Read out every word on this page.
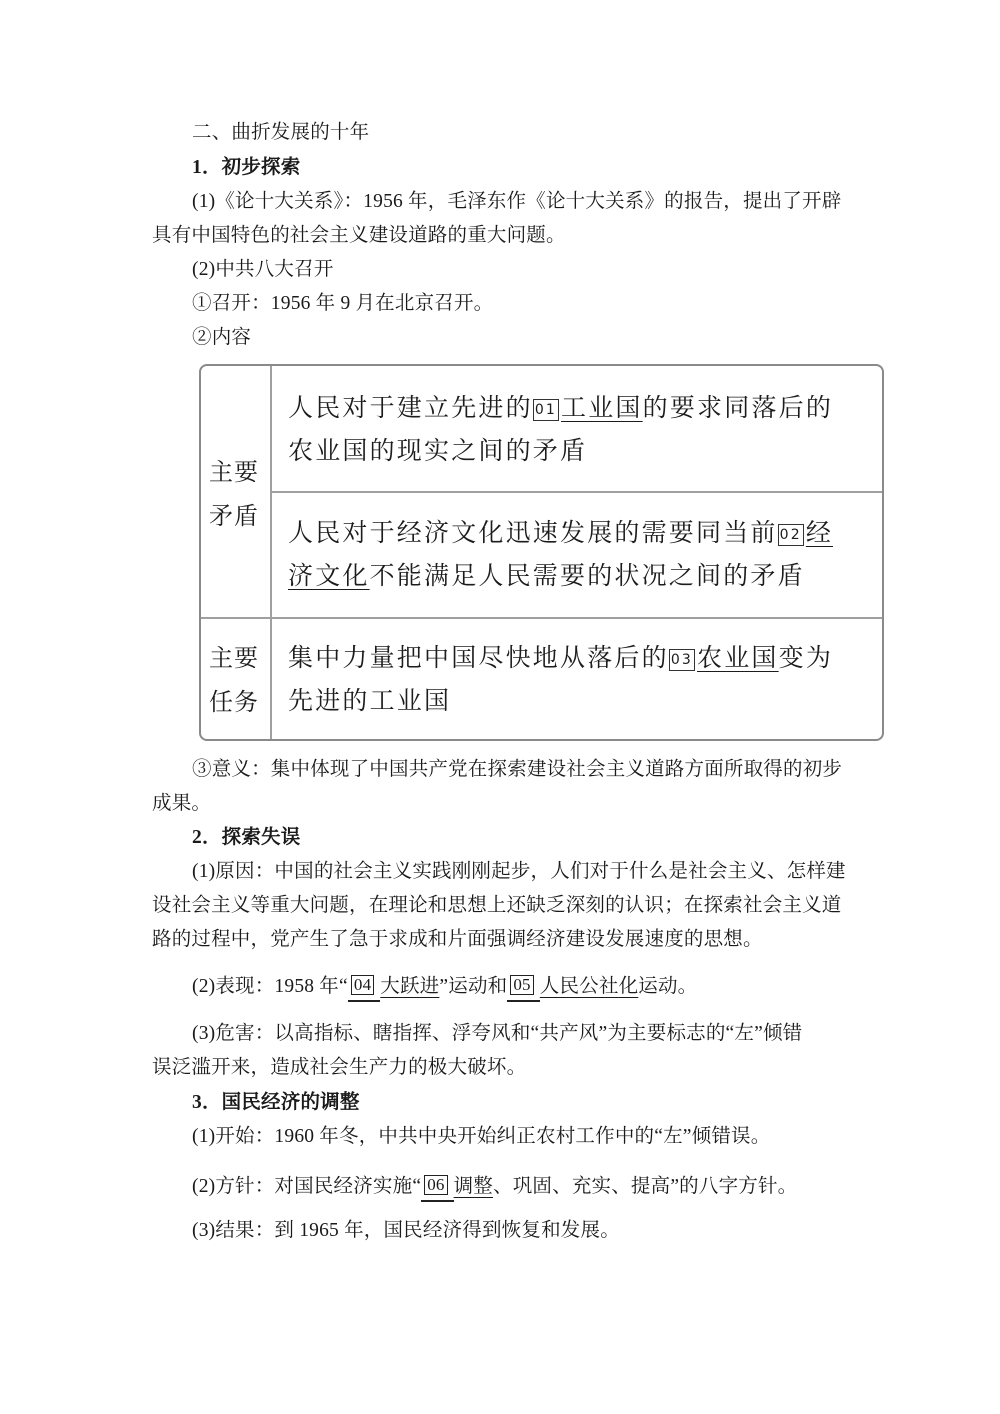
二、曲折发展的十年
1．初步探索
(1)《论十大关系》：1956 年，毛泽东作《论十大关系》的报告，提出了开辟
具有中国特色的社会主义建设道路的重大问题。
(2)中共八大召开
①召开：1956 年 9 月在北京召开。
②内容
主要
矛盾
人民对于建立先进的 01 工业国的要求同落后的
农业国的现实之间的矛盾
人民对于经济文化迅速发展的需要同当前 02 经
济文化不能满足人民需要的状况之间的矛盾
主要
任务
集中力量把中国尽快地从落后的 03 农业国变为
先进的工业国
③意义：集中体现了中国共产党在探索建设社会主义道路方面所取得的初步
成果。
2．探索失误
(1)原因：中国的社会主义实践刚刚起步，人们对于什么是社会主义、怎样建
设社会主义等重大问题，在理论和思想上还缺乏深刻的认识；在探索社会主义道
路的过程中，党产生了急于求成和片面强调经济建设发展速度的思想。
(2)表现：1958 年“ 04 大跃进”运动和 05 人民公社化运动。
(3)危害：以高指标、瞎指挥、浮夸风和“共产风”为主要标志的“左”倾错
误泛滥开来，造成社会生产力的极大破坏。
3．国民经济的调整
(1)开始：1960 年冬，中共中央开始纠正农村工作中的“左”倾错误。
(2)方针：对国民经济实施“ 06 调整、巩固、充实、提高”的八字方针。
(3)结果：到 1965 年，国民经济得到恢复和发展。
